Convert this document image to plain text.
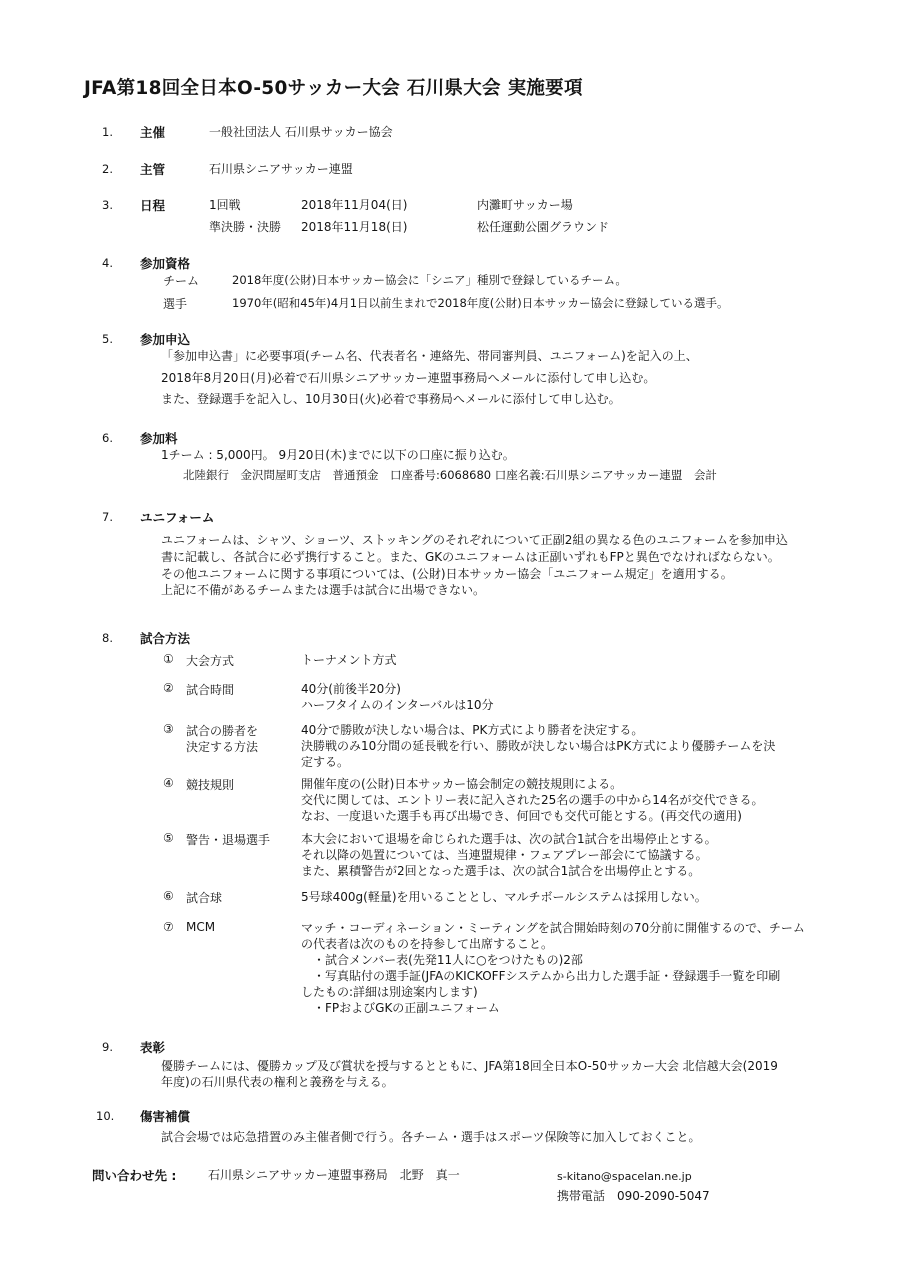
JFA第18回全日本O-50サッカー大会 石川県大会 実施要項
1. 主催	一般社団法人 石川県サッカー協会
2. 主管	石川県シニアサッカー連盟
3. 日程	1回戦	2018年11月04(日)	内灘町サッカー場
準決勝・決勝 2018年11月18(日)	松任運動公園グラウンド
4. 参加資格
チーム	2018年度(公財)日本サッカー協会に「シニア」種別で登録しているチーム。
選手	1970年(昭和45年)4月1日以前生まれで2018年度(公財)日本サッカー協会に登録している選手。
5. 参加申込
「参加申込書」に必要事項(チーム名、代表者名・連絡先、帯同審判員、ユニフォーム)を記入の上、
2018年8月20日(月)必着で石川県シニアサッカー連盟事務局へメールに添付して申し込む。
また、登録選手を記入し、10月30日(火)必着で事務局へメールに添付して申し込む。
6. 参加料
1チーム : 5,000円。 9月20日(木)までに以下の口座に振り込む。
北陸銀行　金沢問屋町支店　普通預金　口座番号:6068680 口座名義:石川県シニアサッカー連盟　会計
7. ユニフォーム
ユニフォームは、シャツ、ショーツ、ストッキングのそれぞれについて正副2組の異なる色のユニフォームを参加申込
書に記載し、各試合に必ず携行すること。また、GKのユニフォームは正副いずれもFPと異色でなければならない。
その他ユニフォームに関する事項については、(公財)日本サッカー協会「ユニフォーム規定」を適用する。
上記に不備があるチームまたは選手は試合に出場できない。
8. 試合方法
① 大会方式	トーナメント方式
② 試合時間	40分(前後半20分)
ハーフタイムのインターバルは10分
③ 試合の勝者を
決定する方法
40分で勝敗が決しない場合は、PK方式により勝者を決定する。
決勝戦のみ10分間の延長戦を行い、勝敗が決しない場合はPK方式により優勝チームを決
定する。
④ 競技規則	開催年度の(公財)日本サッカー協会制定の競技規則による。
交代に関しては、エントリー表に記入された25名の選手の中から14名が交代できる。
なお、一度退いた選手も再び出場でき、何回でも交代可能とする。(再交代の適用)
⑤ 警告・退場選手	本大会において退場を命じられた選手は、次の試合1試合を出場停止とする。
それ以降の処置については、当連盟規律・フェアプレー部会にて協議する。
また、累積警告が2回となった選手は、次の試合1試合を出場停止とする。
⑥ 試合球	5号球400g(軽量)を用いることとし、マルチボールシステムは採用しない。
⑦ MCM	マッチ・コーディネーション・ミーティングを試合開始時刻の70分前に開催するので、チーム
の代表者は次のものを持参して出席すること。
　・試合メンバー表(先発11人に○をつけたもの)2部
　・写真貼付の選手証(JFAのKICKOFFシステムから出力した選手証・登録選手一覧を印刷
したもの:詳細は別途案内します)
　・FPおよびGKの正副ユニフォーム
9. 表彰
優勝チームには、優勝カップ及び賞状を授与するとともに、JFA第18回全日本O-50サッカー大会 北信越大会(2019
年度)の石川県代表の権利と義務を与える。
10. 傷害補償
試合会場では応急措置のみ主催者側で行う。各チーム・選手はスポーツ保険等に加入しておくこと。
問い合わせ先 :	石川県シニアサッカー連盟事務局　北野　真一	s-kitano@spacelan.ne.jp
携帯電話　090-2090-5047
